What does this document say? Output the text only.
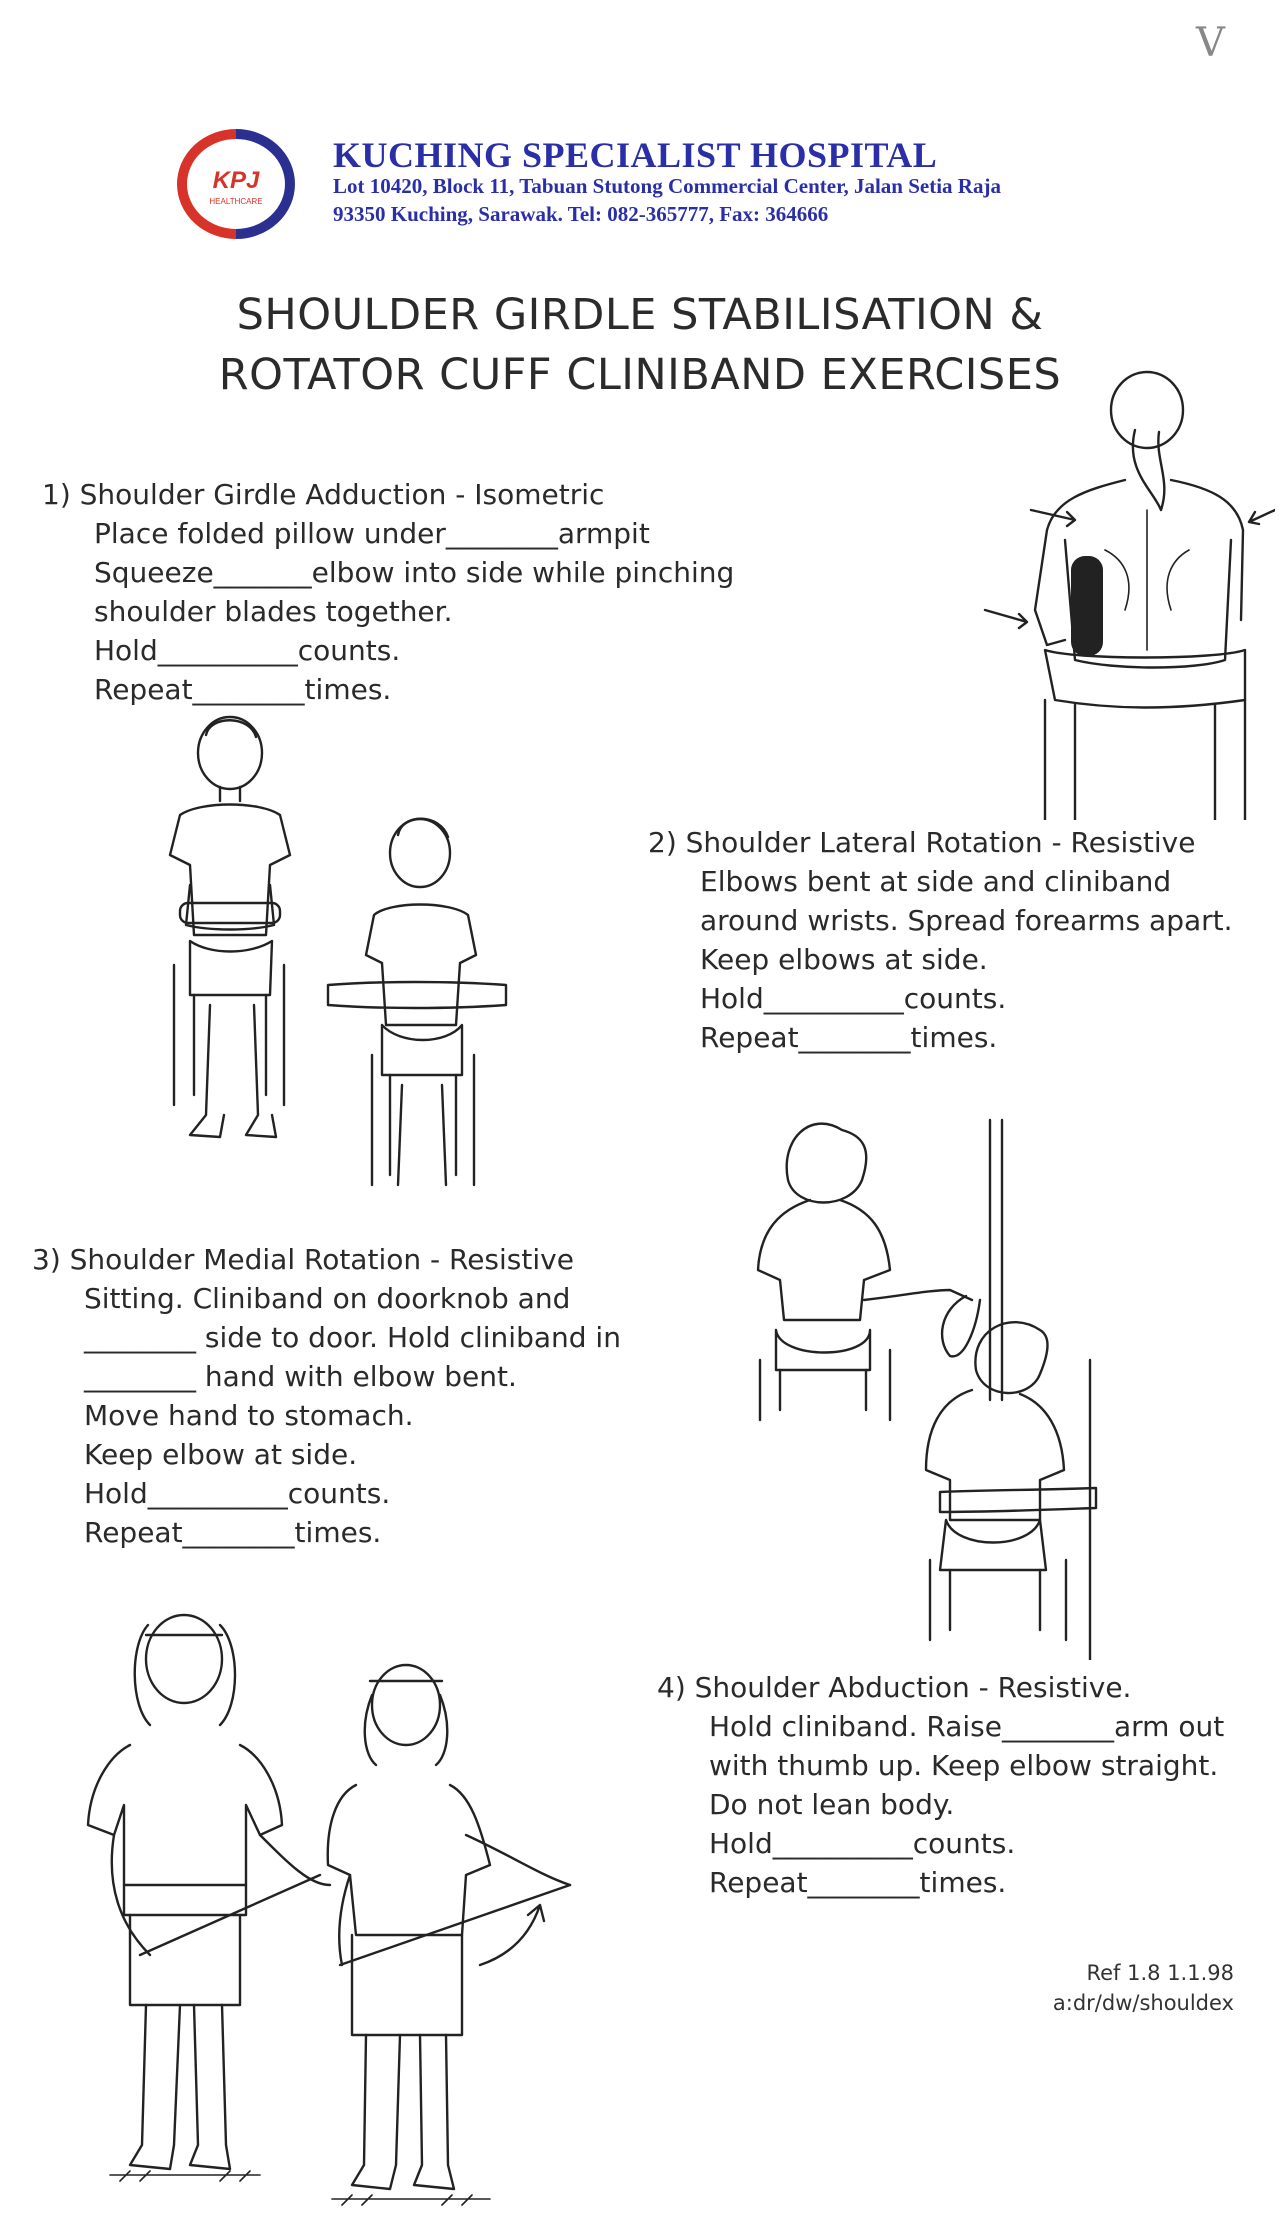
V
KPJ
HEALTHCARE
KUCHING SPECIALIST HOSPITAL
Lot 10420, Block 11, Tabuan Stutong Commercial Center, Jalan Setia Raja
93350 Kuching, Sarawak. Tel: 082-365777, Fax: 364666
SHOULDER GIRDLE STABILISATION &
ROTATOR CUFF CLINIBAND EXERCISES
1) Shoulder Girdle Adduction - Isometric
Place folded pillow under________armpit
Squeeze_______elbow into side while pinching
shoulder blades together.
Hold__________counts.
Repeat________times.
2) Shoulder Lateral Rotation - Resistive
Elbows bent at side and cliniband
around wrists. Spread forearms apart.
Keep elbows at side.
Hold__________counts.
Repeat________times.
3) Shoulder Medial Rotation - Resistive
Sitting. Cliniband on doorknob and
________ side to door. Hold cliniband in
________ hand with elbow bent.
Move hand to stomach.
Keep elbow at side.
Hold__________counts.
Repeat________times.
4) Shoulder Abduction - Resistive.
Hold cliniband. Raise________arm out
with thumb up. Keep elbow straight.
Do not lean body.
Hold__________counts.
Repeat________times.
Ref 1.8 1.1.98
a:dr/dw/shouldex
